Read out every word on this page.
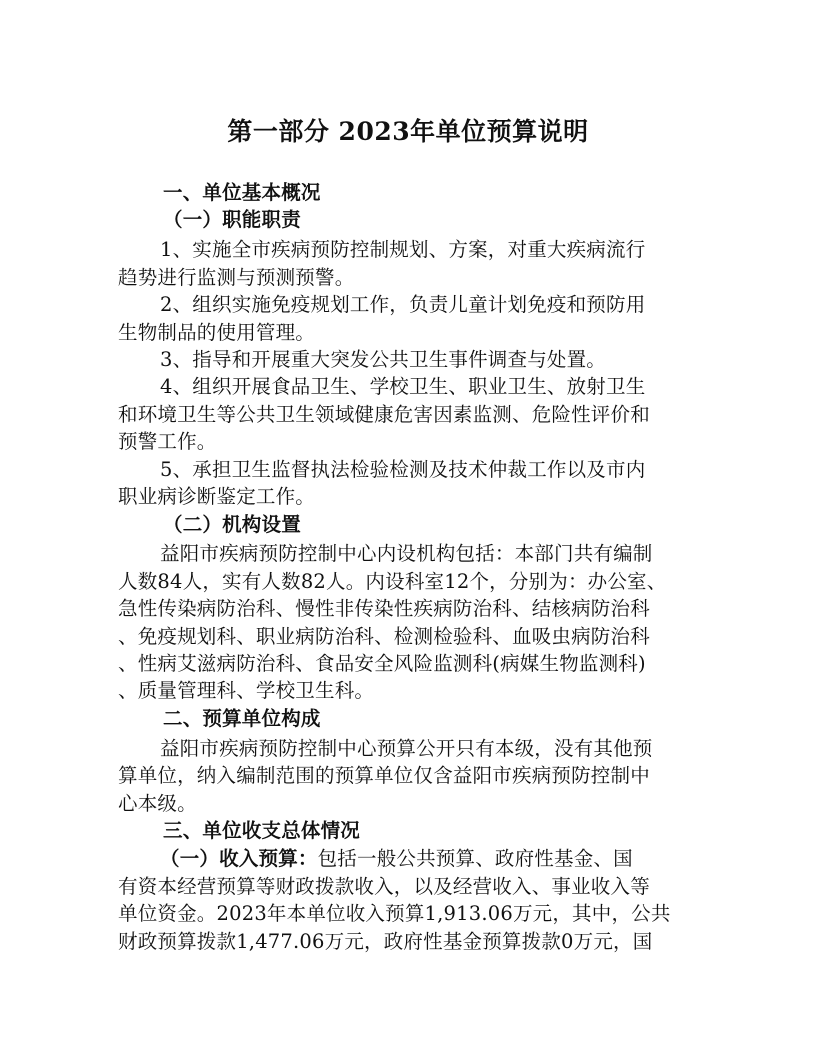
第一部分 2023年单位预算说明
一、单位基本概况
（一）职能职责
1、实施全市疾病预防控制规划、方案，对重大疾病流行
趋势进行监测与预测预警。
2、组织实施免疫规划工作，负责儿童计划免疫和预防用
生物制品的使用管理。
3、指导和开展重大突发公共卫生事件调查与处置。
4、组织开展食品卫生、学校卫生、职业卫生、放射卫生
和环境卫生等公共卫生领域健康危害因素监测、危险性评价和
预警工作。
5、承担卫生监督执法检验检测及技术仲裁工作以及市内
职业病诊断鉴定工作。
（二）机构设置
益阳市疾病预防控制中心内设机构包括：本部门共有编制
人数84人，实有人数82人。内设科室12个，分别为：办公室、
急性传染病防治科、慢性非传染性疾病防治科、结核病防治科
、免疫规划科、职业病防治科、检测检验科、血吸虫病防治科
、性病艾滋病防治科、食品安全风险监测科(病媒生物监测科)
、质量管理科、学校卫生科。
二、预算单位构成
益阳市疾病预防控制中心预算公开只有本级，没有其他预
算单位，纳入编制范围的预算单位仅含益阳市疾病预防控制中
心本级。
三、单位收支总体情况
（一）收入预算：包括一般公共预算、政府性基金、国
有资本经营预算等财政拨款收入，以及经营收入、事业收入等
单位资金。2023年本单位收入预算1,913.06万元，其中，公共
财政预算拨款1,477.06万元，政府性基金预算拨款0万元，国
